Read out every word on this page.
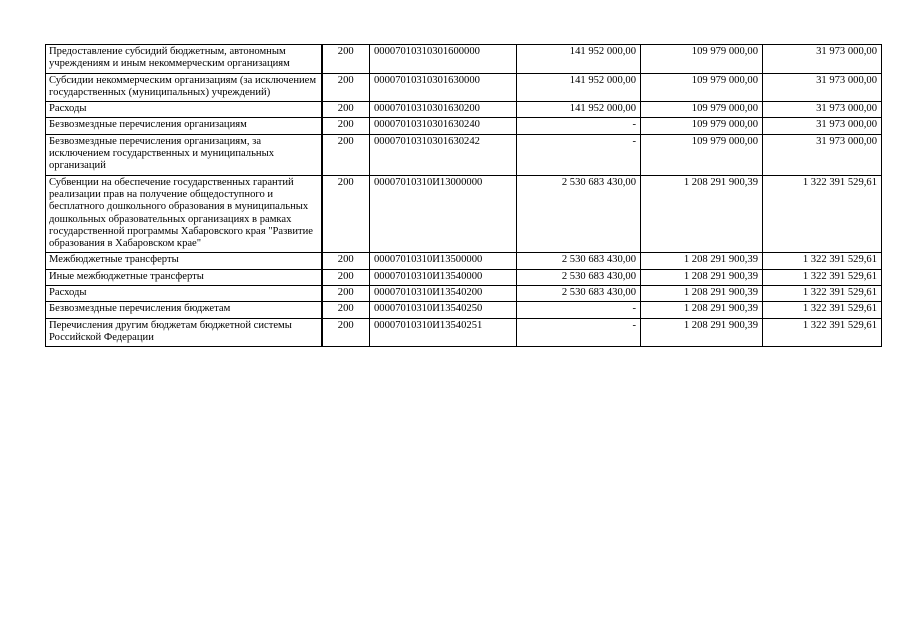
Предоставление субсидий бюджетным, автономным учреждениям и иным некоммерческим организациям	200	00007010310301600000	141 952 000,00	109 979 000,00	31 973 000,00
Субсидии некоммерческим организациям (за исключением государственных (муниципальных) учреждений)	200	00007010310301630000	141 952 000,00	109 979 000,00	31 973 000,00
Расходы	200	00007010310301630200	141 952 000,00	109 979 000,00	31 973 000,00
Безвозмездные перечисления организациям	200	00007010310301630240	-	109 979 000,00	31 973 000,00
Безвозмездные перечисления организациям, за исключением государственных и муниципальных организаций	200	00007010310301630242	-	109 979 000,00	31 973 000,00
Субвенции на обеспечение государственных гарантий реализации прав на получение общедоступного и бесплатного дошкольного образования в муниципальных дошкольных образовательных организациях в рамках государственной программы Хабаровского края "Развитие образования в Хабаровском крае"	200	00007010310И13000000	2 530 683 430,00	1 208 291 900,39	1 322 391 529,61
Межбюджетные трансферты	200	00007010310И13500000	2 530 683 430,00	1 208 291 900,39	1 322 391 529,61
Иные межбюджетные трансферты	200	00007010310И13540000	2 530 683 430,00	1 208 291 900,39	1 322 391 529,61
Расходы	200	00007010310И13540200	2 530 683 430,00	1 208 291 900,39	1 322 391 529,61
Безвозмездные перечисления бюджетам	200	00007010310И13540250	-	1 208 291 900,39	1 322 391 529,61
Перечисления другим бюджетам бюджетной системы Российской Федерации	200	00007010310И13540251	-	1 208 291 900,39	1 322 391 529,61
